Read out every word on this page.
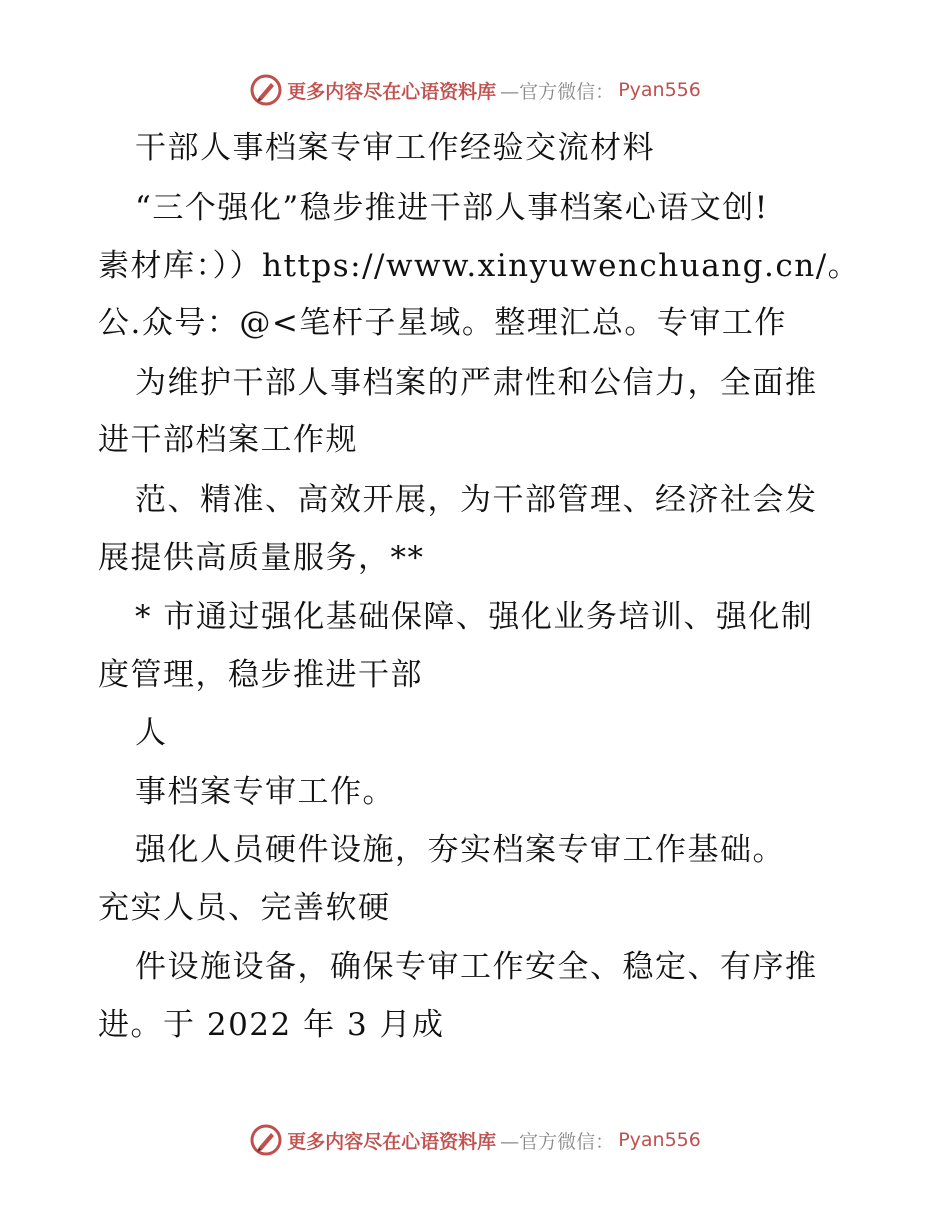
更多内容尽在心语资料库 —官方微信： Pyan556
干部人事档案专审工作经验交流材料
“三个强化”稳步推进干部人事档案心语文创!
素材库：））https://www.xinyuwenchuang.cn/。
公.众号：@<笔杆子星域。整理汇总。专审工作
为维护干部人事档案的严肃性和公信力，全面推
进干部档案工作规
范、精准、高效开展，为干部管理、经济社会发
展提供高质量服务，**
* 市通过强化基础保障、强化业务培训、强化制
度管理，稳步推进干部
人
事档案专审工作。
强化人员硬件设施，夯实档案专审工作基础。
充实人员、完善软硬
件设施设备，确保专审工作安全、稳定、有序推
进。于 2022 年 3 月成
更多内容尽在心语资料库 —官方微信： Pyan556
